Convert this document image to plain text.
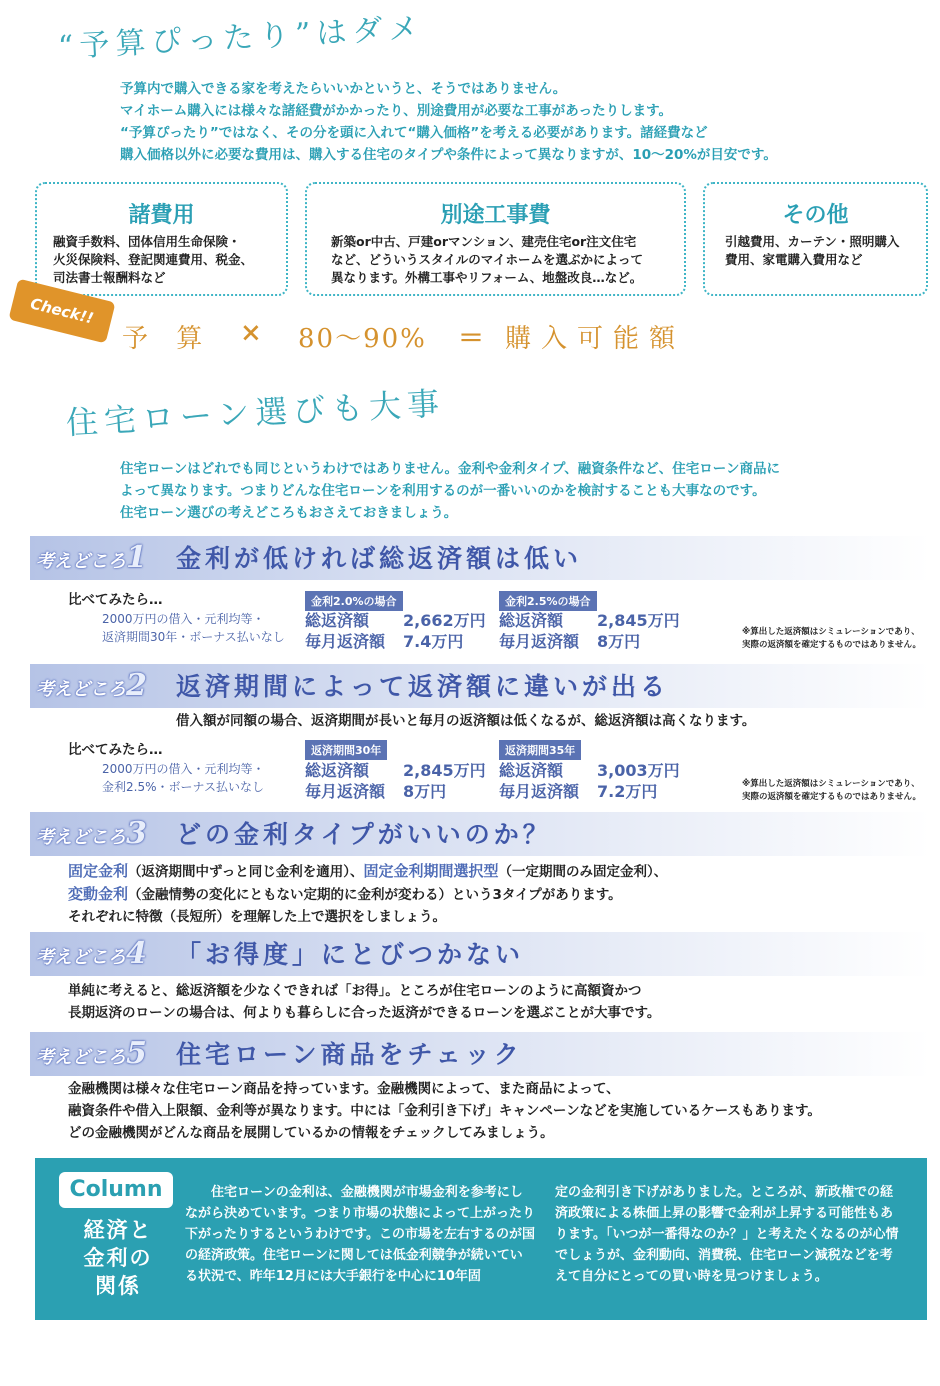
“予算ぴったり”はダメ
予算内で購入できる家を考えたらいいかというと、そうではありません。
マイホーム購入には様々な諸経費がかかったり、別途費用が必要な工事があったりします。
“予算ぴったり”ではなく、その分を頭に入れて“購入価格”を考える必要があります。諸経費など
購入価格以外に必要な費用は、購入する住宅のタイプや条件によって異なりますが、10〜20%が目安です。
諸費用

融資手数料、団体信用生命保険・
火災保険料、登記関連費用、税金、
司法書士報酬料など

別途工事費

新築or中古、戸建orマンション、建売住宅or注文住宅
など、どういうスタイルのマイホームを選ぶかによって
異なります。外構工事やリフォーム、地盤改良…など。

その他

引越費用、カーテン・照明購入
費用、家電購入費用など

Check!!
予 算 × 80〜90% ＝ 購入可能額
住宅ローン選びも大事
住宅ローンはどれでも同じというわけではありません。金利や金利タイプ、融資条件など、住宅ローン商品に
よって異なります。つまりどんな住宅ローンを利用するのが一番いいのかを検討することも大事なのです。
住宅ローン選びの考えどころもおさえておきましょう。
考えどころ1 金利が低ければ総返済額は低い
比べてみたら…
2000万円の借入・元利均等・
返済期間30年・ボーナス払いなし
金利2.0%の場合
総返済額 2,662万円
毎月返済額 7.4万円
金利2.5%の場合
総返済額 2,845万円
毎月返済額 8万円	※算出した返済額はシミュレーションであり、
実際の返済額を確定するものではありません。
考えどころ2 返済期間によって返済額に違いが出る
借入額が同額の場合、返済期間が長いと毎月の返済額は低くなるが、総返済額は高くなります。
比べてみたら…
2000万円の借入・元利均等・
金利2.5%・ボーナス払いなし
返済期間30年
総返済額 2,845万円
毎月返済額 8万円
返済期間35年
総返済額 3,003万円
毎月返済額 7.2万円	※算出した返済額はシミュレーションであり、
実際の返済額を確定するものではありません。
考えどころ3 どの金利タイプがいいのか？
固定金利（返済期間中ずっと同じ金利を適用）、固定金利期間選択型（一定期間のみ固定金利）、
変動金利（金融情勢の変化にともない定期的に金利が変わる）という3タイプがあります。
それぞれに特徴（長短所）を理解した上で選択をしましょう。
考えどころ4 「お得度」にとびつかない
単純に考えると、総返済額を少なくできれば「お得」。ところが住宅ローンのように高額資かつ
長期返済のローンの場合は、何よりも暮らしに合った返済ができるローンを選ぶことが大事です。
考えどころ5 住宅ローン商品をチェック
金融機関は様々な住宅ローン商品を持っています。金融機関によって、また商品によって、
融資条件や借入上限額、金利等が異なります。中には「金利引き下げ」キャンペーンなどを実施しているケースもあります。
どの金融機関がどんな商品を展開しているかの情報をチェックしてみましょう。
Column
経済と金利の関係
住宅ローンの金利は、金融機関が市場金利を参考にしながら決めています。つまり市場の状態によって上がったり下がったりするというわけです。この市場を左右するのが国の経済政策。住宅ローンに関しては低金利競争が続いている状況で、昨年12月には大手銀行を中心に10年固
定の金利引き下げがありました。ところが、新政権での経済政策による株価上昇の影響で金利が上昇する可能性もあります。「いつが一番得なのか？」と考えたくなるのが心情でしょうが、金利動向、消費税、住宅ローン減税などを考えて自分にとっての買い時を見つけましょう。
